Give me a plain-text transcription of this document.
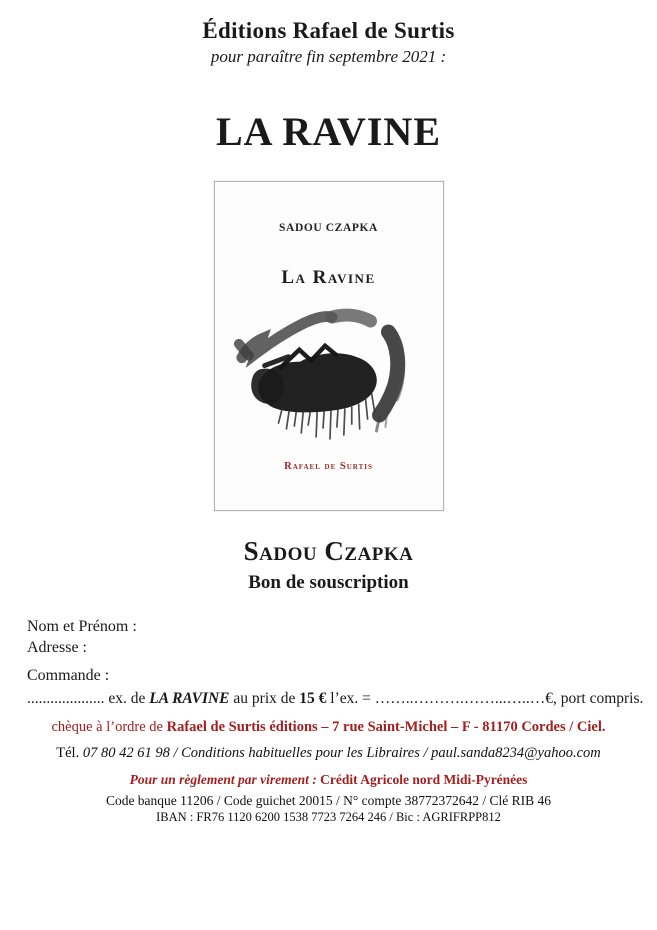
Éditions Rafael de Surtis
pour paraître fin septembre 2021 :
LA RAVINE
SADOU CZAPKA
La Ravine
Rafael de Surtis
Sadou Czapka
Bon de souscription
Nom et Prénom :
Adresse :
Commande :
.................... ex. de LA RAVINE au prix de 15 € l’ex. = ……..……….……...…..…€, port compris.
chèque à l’ordre de Rafael de Surtis éditions – 7 rue Saint-Michel – F - 81170 Cordes / Ciel.
Tél. 07 80 42 61 98 / Conditions habituelles pour les Libraires / paul.sanda8234@yahoo.com
Pour un règlement par virement : Crédit Agricole nord Midi-Pyrénées
Code banque 11206 / Code guichet 20015 / N° compte 38772372642 / Clé RIB 46
IBAN : FR76 1120 6200 1538 7723 7264 246 / Bic : AGRIFRPP812
